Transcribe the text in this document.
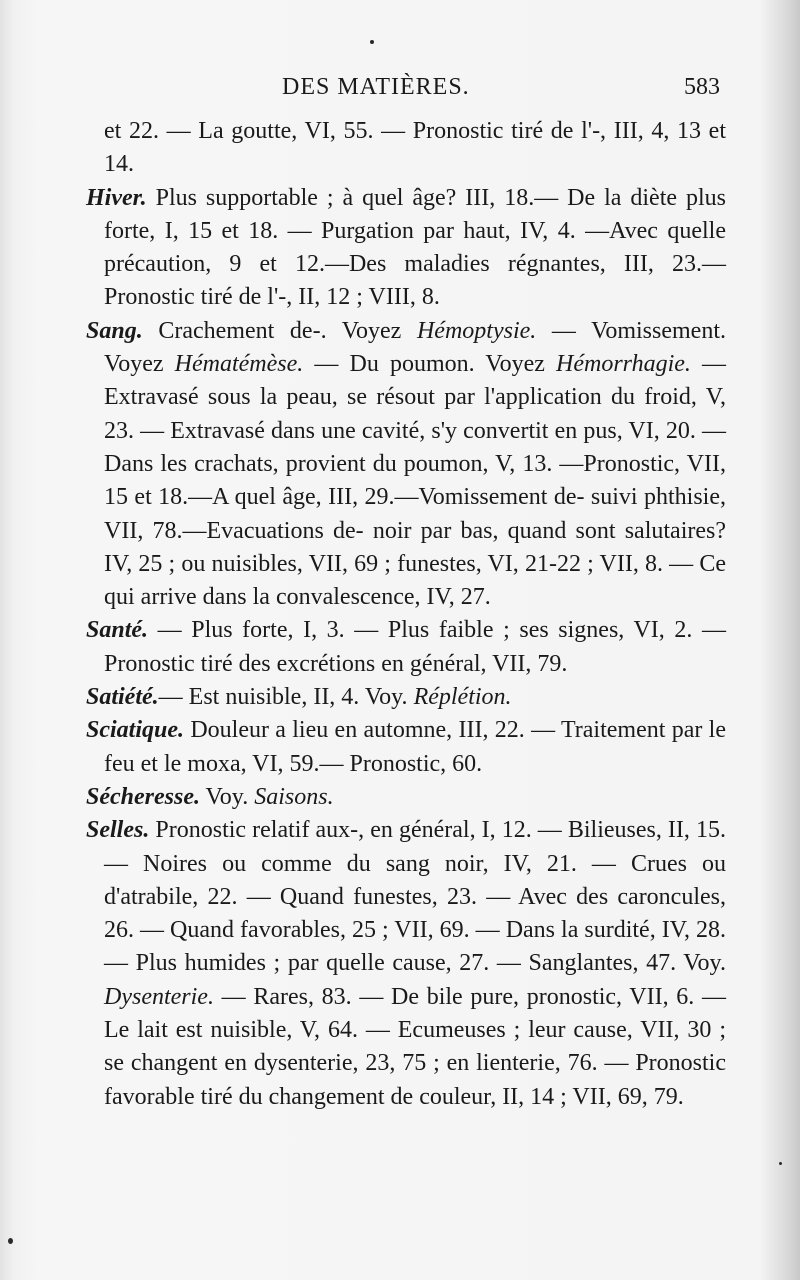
DES MATIÈRES.	583

et 22. — La goutte, VI, 55. — Pronostic tiré de l'-, III, 4, 13 et 14.

Hiver. Plus supportable ; à quel âge? III, 18.— De la diète plus forte, I, 15 et 18. — Purgation par haut, IV, 4. —Avec quelle précaution, 9 et 12.—Des maladies régnantes, III, 23.—Pronostic tiré de l'-, II, 12 ; VIII, 8.

Sang. Crachement de-. Voyez Hémoptysie. — Vomissement. Voyez Hématémèse. — Du poumon. Voyez Hémorrhagie. — Extravasé sous la peau, se résout par l'application du froid, V, 23. — Extravasé dans une cavité, s'y convertit en pus, VI, 20. — Dans les crachats, provient du poumon, V, 13. —Pronostic, VII, 15 et 18.—A quel âge, III, 29.—Vomissement de- suivi phthisie, VII, 78.—Evacuations de- noir par bas, quand sont salutaires? IV, 25 ; ou nuisibles, VII, 69 ; funestes, VI, 21-22 ; VII, 8. — Ce qui arrive dans la convalescence, IV, 27.

Santé. — Plus forte, I, 3. — Plus faible ; ses signes, VI, 2. — Pronostic tiré des excrétions en général, VII, 79.

Satiété.— Est nuisible, II, 4. Voy. Réplétion.

Sciatique. Douleur a lieu en automne, III, 22. — Traitement par le feu et le moxa, VI, 59.— Pronostic, 60.

Sécheresse. Voy. Saisons.

Selles. Pronostic relatif aux-, en général, I, 12. — Bilieuses, II, 15. — Noires ou comme du sang noir, IV, 21. — Crues ou d'atrabile, 22. — Quand funestes, 23. — Avec des caroncules, 26. — Quand favorables, 25 ; VII, 69. — Dans la surdité, IV, 28. — Plus humides ; par quelle cause, 27. — Sanglantes, 47. Voy. Dysenterie. — Rares, 83. — De bile pure, pronostic, VII, 6. — Le lait est nuisible, V, 64. — Ecumeuses ; leur cause, VII, 30 ; se changent en dysenterie, 23, 75 ; en lienterie, 76. — Pronostic favorable tiré du changement de couleur, II, 14 ; VII, 69, 79.
